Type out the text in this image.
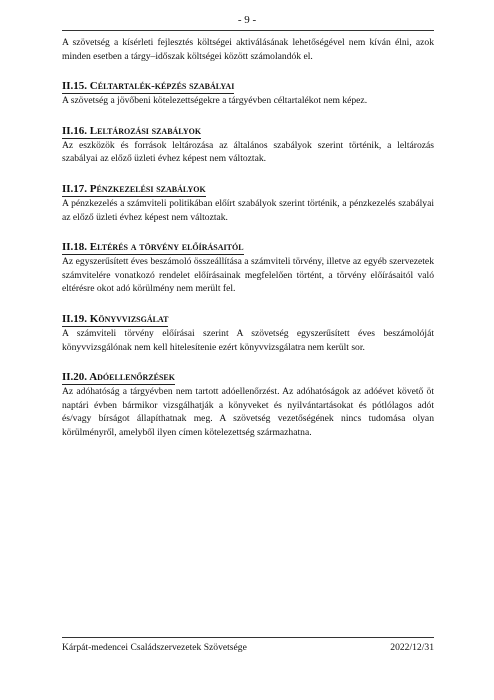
- 9 -

A szövetség a kísérleti fejlesztés költségei aktiválásának lehetőségével nem kíván élni, azok minden esetben a tárgy–időszak költségei között számolandók el.

II.15. Céltartalék-képzés szabályai

A szövetség a jövőbeni kötelezettségekre a tárgyévben céltartalékot nem képez.

II.16. Leltározási szabályok

Az eszközök és források leltározása az általános szabályok szerint történik, a leltározás szabályai az előző üzleti évhez képest nem változtak.

II.17. Pénzkezelési szabályok

A pénzkezelés a számviteli politikában előírt szabályok szerint történik, a pénzkezelés szabályai az előző üzleti évhez képest nem változtak.

II.18. Eltérés a törvény előírásaitól

Az egyszerűsített éves beszámoló összeállítása a számviteli törvény, illetve az egyéb szervezetek számvitelére vonatkozó rendelet előírásainak megfelelően történt, a törvény előírásaitól való eltérésre okot adó körülmény nem merült fel.

II.19. Könyvvizsgálat

A számviteli törvény előírásai szerint A szövetség egyszerűsített éves beszámolóját könyvvizsgálónak nem kell hitelesítenie ezért könyvvizsgálatra nem került sor.

II.20. Adóellenőrzések

Az adóhatóság a tárgyévben nem tartott adóellenőrzést. Az adóhatóságok az adóévet követő öt naptári évben bármikor vizsgálhatják a könyveket és nyilvántartásokat és pótlólagos adót és/vagy bírságot állapíthatnak meg. A szövetség vezetőségének nincs tudomása olyan körülményről, amelyből ilyen címen kötelezettség származhatna.

Kárpát-medencei Családszervezetek Szövetsége	2022/12/31
